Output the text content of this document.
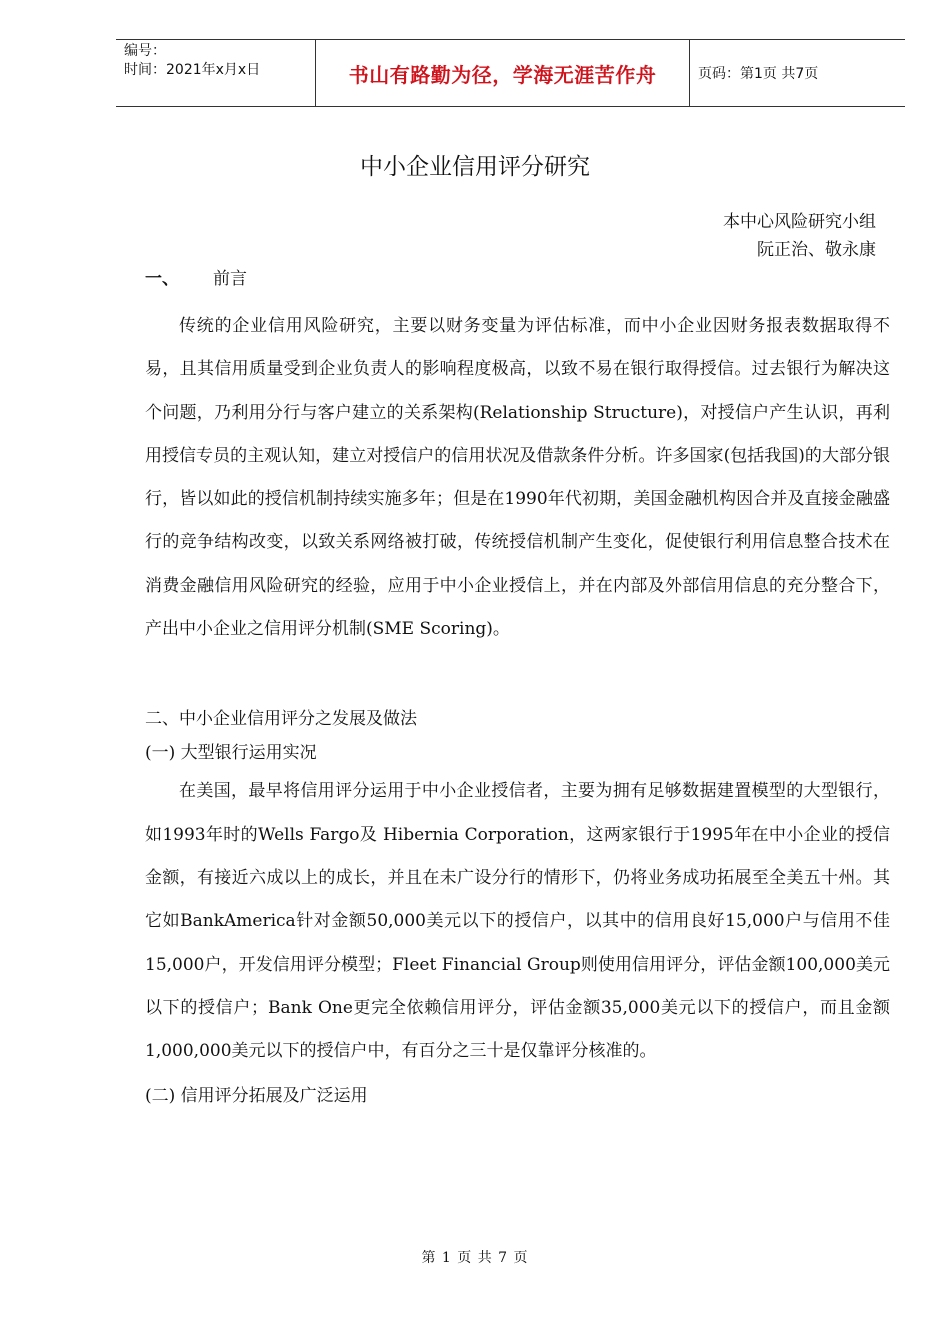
编号：
时间：2021年x月x日	书山有路勤为径，学海无涯苦作舟	页码：第1页 共7页
中小企业信用评分研究
本中心风险研究小组
阮正治、敬永康
一、 前言

传统的企业信用风险研究，主要以财务变量为评估标准，而中小企业因财务报表数据取得不易，且其信用质量受到企业负责人的影响程度极高，以致不易在银行取得授信。过去银行为解决这个问题，乃利用分行与客户建立的关系架构(Relationship Structure)，对授信户产生认识，再利用授信专员的主观认知，建立对授信户的信用状况及借款条件分析。许多国家(包括我国)的大部分银行，皆以如此的授信机制持续实施多年；但是在1990年代初期，美国金融机构因合并及直接金融盛行的竞争结构改变，以致关系网络被打破，传统授信机制产生变化，促使银行利用信息整合技术在消费金融信用风险研究的经验，应用于中小企业授信上，并在内部及外部信用信息的充分整合下，产出中小企业之信用评分机制(SME Scoring)。

二、中小企业信用评分之发展及做法
(一) 大型银行运用实况

在美国，最早将信用评分运用于中小企业授信者，主要为拥有足够数据建置模型的大型银行，如1993年时的Wells Fargo及 Hibernia Corporation，这两家银行于1995年在中小企业的授信金额，有接近六成以上的成长，并且在未广设分行的情形下，仍将业务成功拓展至全美五十州。其它如BankAmerica针对金额50,000美元以下的授信户，以其中的信用良好15,000户与信用不佳15,000户，开发信用评分模型；Fleet Financial Group则使用信用评分，评估金额100,000美元以下的授信户；Bank One更完全依赖信用评分，评估金额35,000美元以下的授信户，而且金额1,000,000美元以下的授信户中，有百分之三十是仅靠评分核准的。

(二) 信用评分拓展及广泛运用
第 1 页 共 7 页
